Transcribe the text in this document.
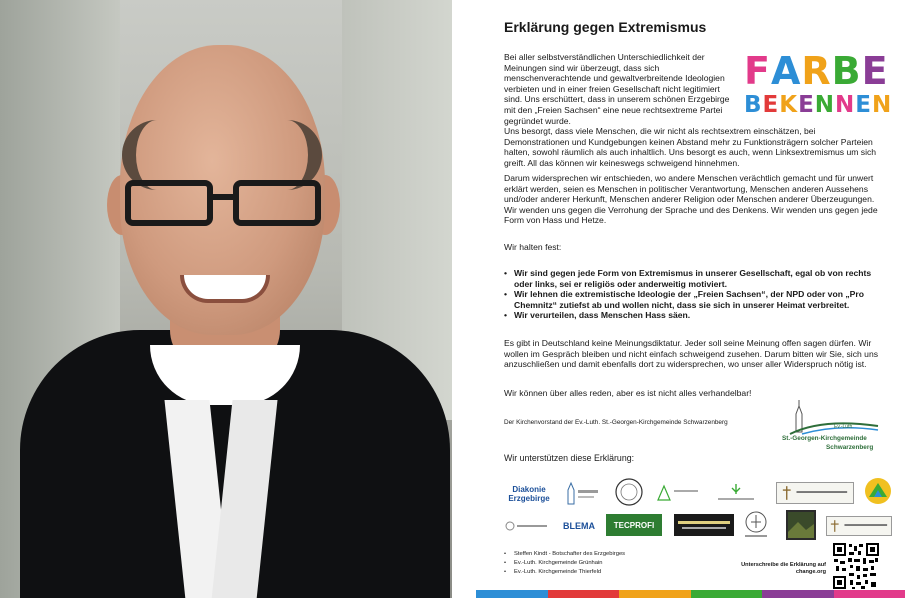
Erklärung gegen Extremismus
F A R B E
B E K E N N E N
Bei aller selbstverständlichen Unterschiedlichkeit der Meinungen sind wir überzeugt, dass sich menschenverachtende und gewaltverbreitende Ideologien verbieten und in einer freien Gesellschaft nicht legitimiert sind. Uns erschüttert, dass in unserem schönen Erzgebirge mit den „Freien Sachsen“ eine neue rechtsextreme Partei gegründet wurde.
Uns besorgt, dass viele Menschen, die wir nicht als rechtsextrem einschätzen, bei Demonstrationen und Kundgebungen keinen Abstand mehr zu Funktionsträgern solcher Parteien halten, sowohl räumlich als auch inhaltlich. Uns besorgt es auch, wenn Linksextremismus um sich greift. All das können wir keineswegs schweigend hinnehmen.
Darum widersprechen wir entschieden, wo andere Menschen verächtlich gemacht und für unwert erklärt werden, seien es Menschen in politischer Verantwortung, Menschen anderen Aussehens und/oder anderer Herkunft, Menschen anderer Religion oder Menschen anderer Überzeugungen. Wir wenden uns gegen die Verrohung der Sprache und des Denkens. Wir wenden uns gegen jede Form von Hass und Hetze.
Wir halten fest:
• Wir sind gegen jede Form von Extremismus in unserer Gesellschaft, egal ob von rechts oder links, sei er religiös oder anderweitig motiviert.
• Wir lehnen die extremistische Ideologie der „Freien Sachsen“, der NPD oder von „Pro Chemnitz“ zutiefst ab und wollen nicht, dass sie sich in unserer Heimat verbreitet.
• Wir verurteilen, dass Menschen Hass säen.
Es gibt in Deutschland keine Meinungsdiktatur. Jeder soll seine Meinung offen sagen dürfen. Wir wollen im Gespräch bleiben und nicht einfach schweigend zusehen. Darum bitten wir Sie, sich uns anzuschließen und damit ebenfalls dort zu widersprechen, wo unser aller Widerspruch nötig ist.
Wir können über alles reden, aber es ist nicht alles verhandelbar!
Der Kirchenvorstand der Ev.-Luth. St.-Georgen-Kirchgemeinde Schwarzenberg
Ev.-Luth.
St.-Georgen-Kirchgemeinde
Schwarzenberg
Wir unterstützen diese Erklärung:
Diakonie
Erzgebirge
BLEMA TECPROFI
• Steffen Kindt - Botschafter des Erzgebirges
• Ev.-Luth. Kirchgemeinde Grünhain
• Ev.-Luth. Kirchgemeinde Thierfeld
Unterschreibe die Erklärung auf change.org
